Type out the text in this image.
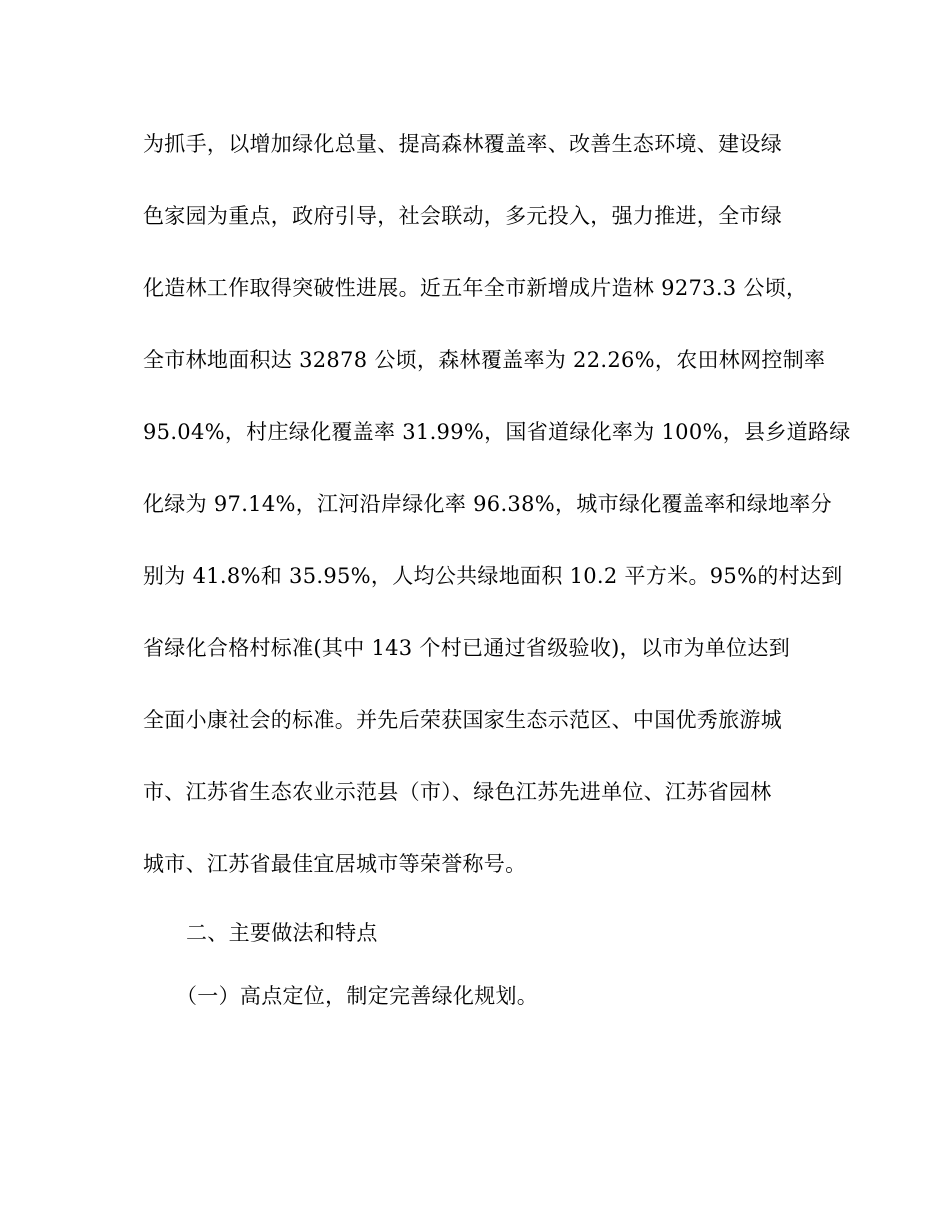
为抓手，以增加绿化总量、提高森林覆盖率、改善生态环境、建设绿
色家园为重点，政府引导，社会联动，多元投入，强力推进，全市绿
化造林工作取得突破性进展。近五年全市新增成片造林 9273.3 公顷，
全市林地面积达 32878 公顷，森林覆盖率为 22.26%，农田林网控制率
95.04%，村庄绿化覆盖率 31.99%，国省道绿化率为 100%，县乡道路绿
化绿为 97.14%，江河沿岸绿化率 96.38%，城市绿化覆盖率和绿地率分
别为 41.8%和 35.95%，人均公共绿地面积 10.2 平方米。95%的村达到
省绿化合格村标准(其中 143 个村已通过省级验收)，以市为单位达到
全面小康社会的标准。并先后荣获国家生态示范区、中国优秀旅游城
市、江苏省生态农业示范县（市）、绿色江苏先进单位、江苏省园林
城市、江苏省最佳宜居城市等荣誉称号。
二、主要做法和特点
（一）高点定位，制定完善绿化规划。
